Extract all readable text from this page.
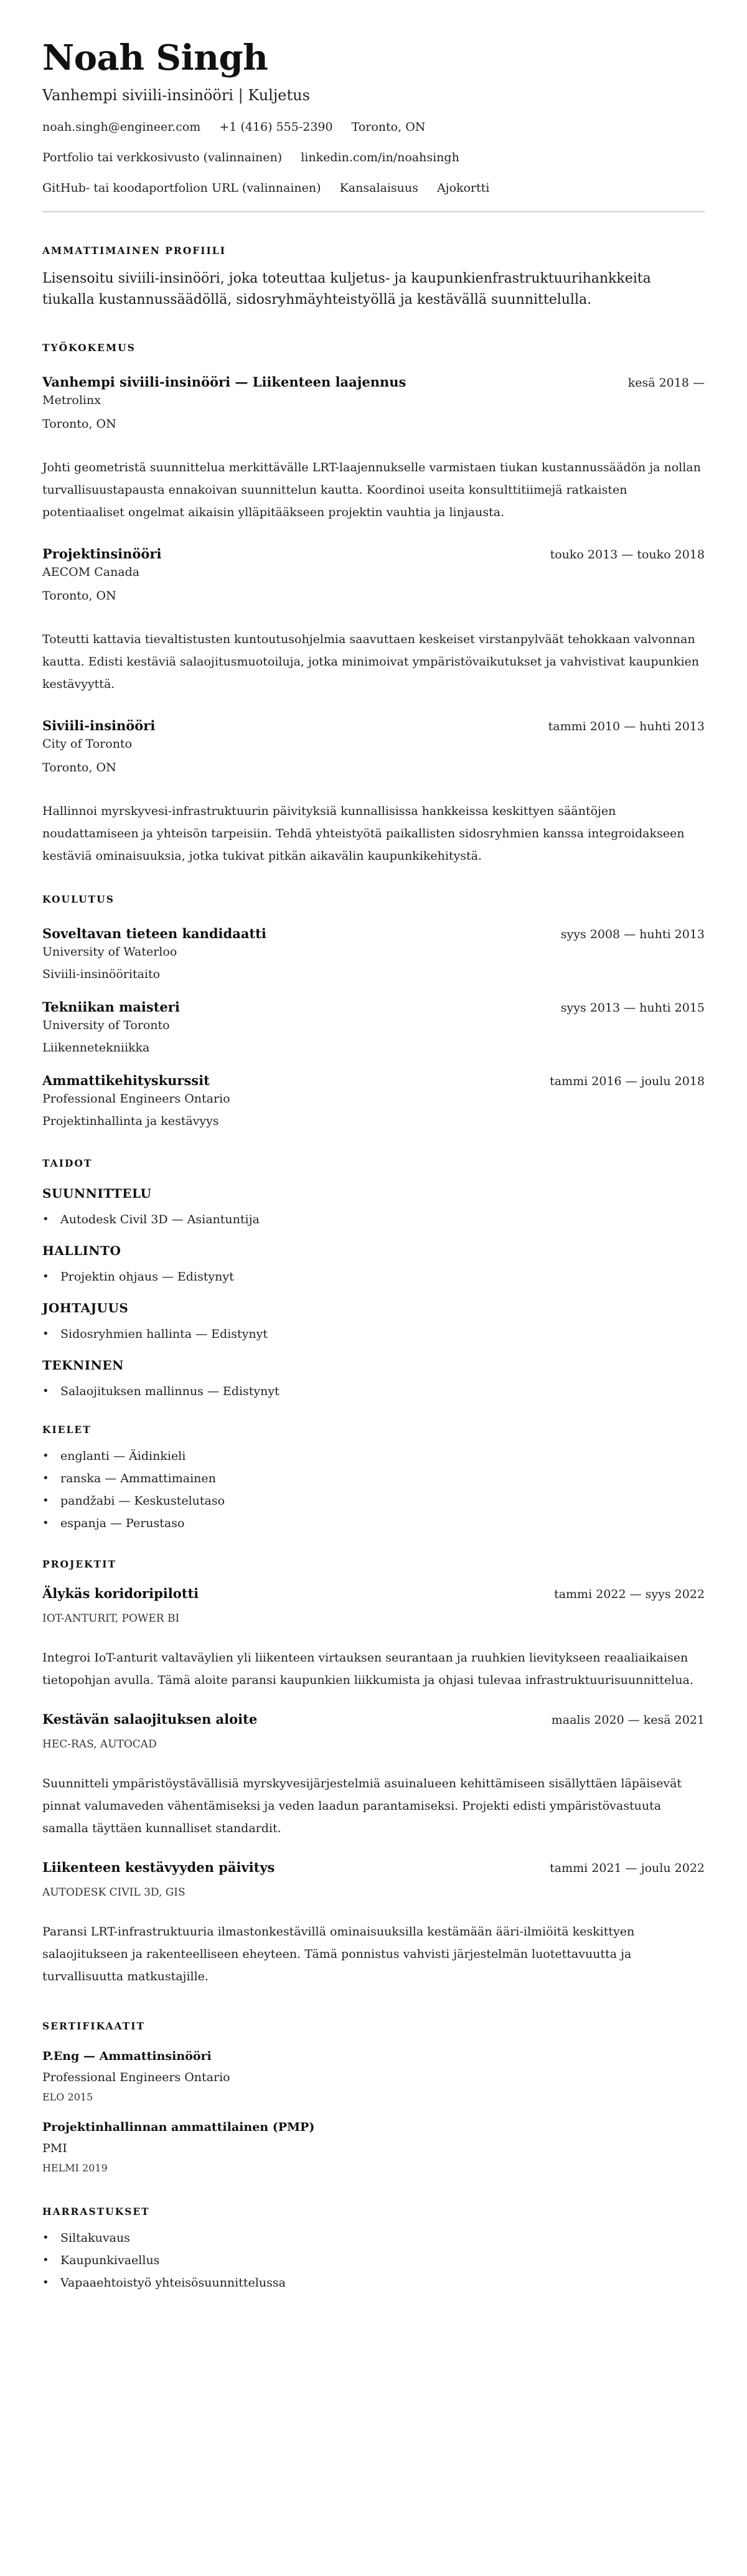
Noah Singh
Vanhempi siviili-insinööri | Kuljetus
noah.singh@engineer.com +1 (416) 555-2390 Toronto, ON
Portfolio tai verkkosivusto (valinnainen) linkedin.com/in/noahsingh
GitHub- tai koodaportfolion URL (valinnainen) Kansalaisuus Ajokortti
AMMATTIMAINEN PROFIILI

Lisensoitu siviili-insinööri, joka toteuttaa kuljetus- ja kaupunkienfrastruktuurihankkeita tiukalla kustannussäädöllä, sidosryhmäyhteistyöllä ja kestävällä suunnittelulla.

TYÖKOKEMUS
Vanhempi siviili-insinööri — Liikenteen laajennus	kesä 2018 —
Metrolinx
Toronto, ON

Johti geometristä suunnittelua merkittävälle LRT-laajennukselle varmistaen tiukan kustannussäädön ja nollan turvallisuustapausta ennakoivan suunnittelun kautta. Koordinoi useita konsulttitiimejä ratkaisten potentiaaliset ongelmat aikaisin ylläpitääkseen projektin vauhtia ja linjausta.

Projektinsinööri	touko 2013 — touko 2018
AECOM Canada
Toronto, ON

Toteutti kattavia tievaltistusten kuntoutusohjelmia saavuttaen keskeiset virstanpylväät tehokkaan valvonnan kautta. Edisti kestäviä salaojitusmuotoiluja, jotka minimoivat ympäristövaikutukset ja vahvistivat kaupunkien kestävyyttä.

Siviili-insinööri	tammi 2010 — huhti 2013
City of Toronto
Toronto, ON

Hallinnoi myrskyvesi-infrastruktuurin päivityksiä kunnallisissa hankkeissa keskittyen sääntöjen noudattamiseen ja yhteisön tarpeisiin. Tehdä yhteistyötä paikallisten sidosryhmien kanssa integroidakseen kestäviä ominaisuuksia, jotka tukivat pitkän aikavälin kaupunkikehitystä.

KOULUTUS
Soveltavan tieteen kandidaatti	syys 2008 — huhti 2013
University of Waterloo
Siviili-insinööritaito
Tekniikan maisteri	syys 2013 — huhti 2015
University of Toronto
Liikennetekniikka
Ammattikehityskurssit	tammi 2016 — joulu 2018
Professional Engineers Ontario
Projektinhallinta ja kestävyys
TAIDOT
SUUNNITTELU
• Autodesk Civil 3D — Asiantuntija
HALLINTO
• Projektin ohjaus — Edistynyt
JOHTAJUUS
• Sidosryhmien hallinta — Edistynyt
TEKNINEN
• Salaojituksen mallinnus — Edistynyt
KIELET
• englanti — Äidinkieli
• ranska — Ammattimainen
• pandžabi — Keskustelutaso
• espanja — Perustaso
PROJEKTIT
Älykäs koridoripilotti	tammi 2022 — syys 2022
IOT-ANTURIT, POWER BI

Integroi IoT-anturit valtaväylien yli liikenteen virtauksen seurantaan ja ruuhkien lievitykseen reaaliaikaisen tietopohjan avulla. Tämä aloite paransi kaupunkien liikkumista ja ohjasi tulevaa infrastruktuurisuunnittelua.

Kestävän salaojituksen aloite	maalis 2020 — kesä 2021
HEC-RAS, AUTOCAD

Suunnitteli ympäristöystävällisiä myrskyvesijärjestelmiä asuinalueen kehittämiseen sisällyttäen läpäisevät pinnat valumaveden vähentämiseksi ja veden laadun parantamiseksi. Projekti edisti ympäristövastuuta samalla täyttäen kunnalliset standardit.

Liikenteen kestävyyden päivitys	tammi 2021 — joulu 2022
AUTODESK CIVIL 3D, GIS

Paransi LRT-infrastruktuuria ilmastonkestävillä ominaisuuksilla kestämään ääri-ilmiöitä keskittyen salaojitukseen ja rakenteelliseen eheyteen. Tämä ponnistus vahvisti järjestelmän luotettavuutta ja turvallisuutta matkustajille.

SERTIFIKAATIT
P.Eng — Ammattinsinööri
Professional Engineers Ontario
ELO 2015
Projektinhallinnan ammattilainen (PMP)
PMI
HELMI 2019
HARRASTUKSET
• Siltakuvaus
• Kaupunkivaellus
• Vapaaehtoistyö yhteisösuunnittelussa
